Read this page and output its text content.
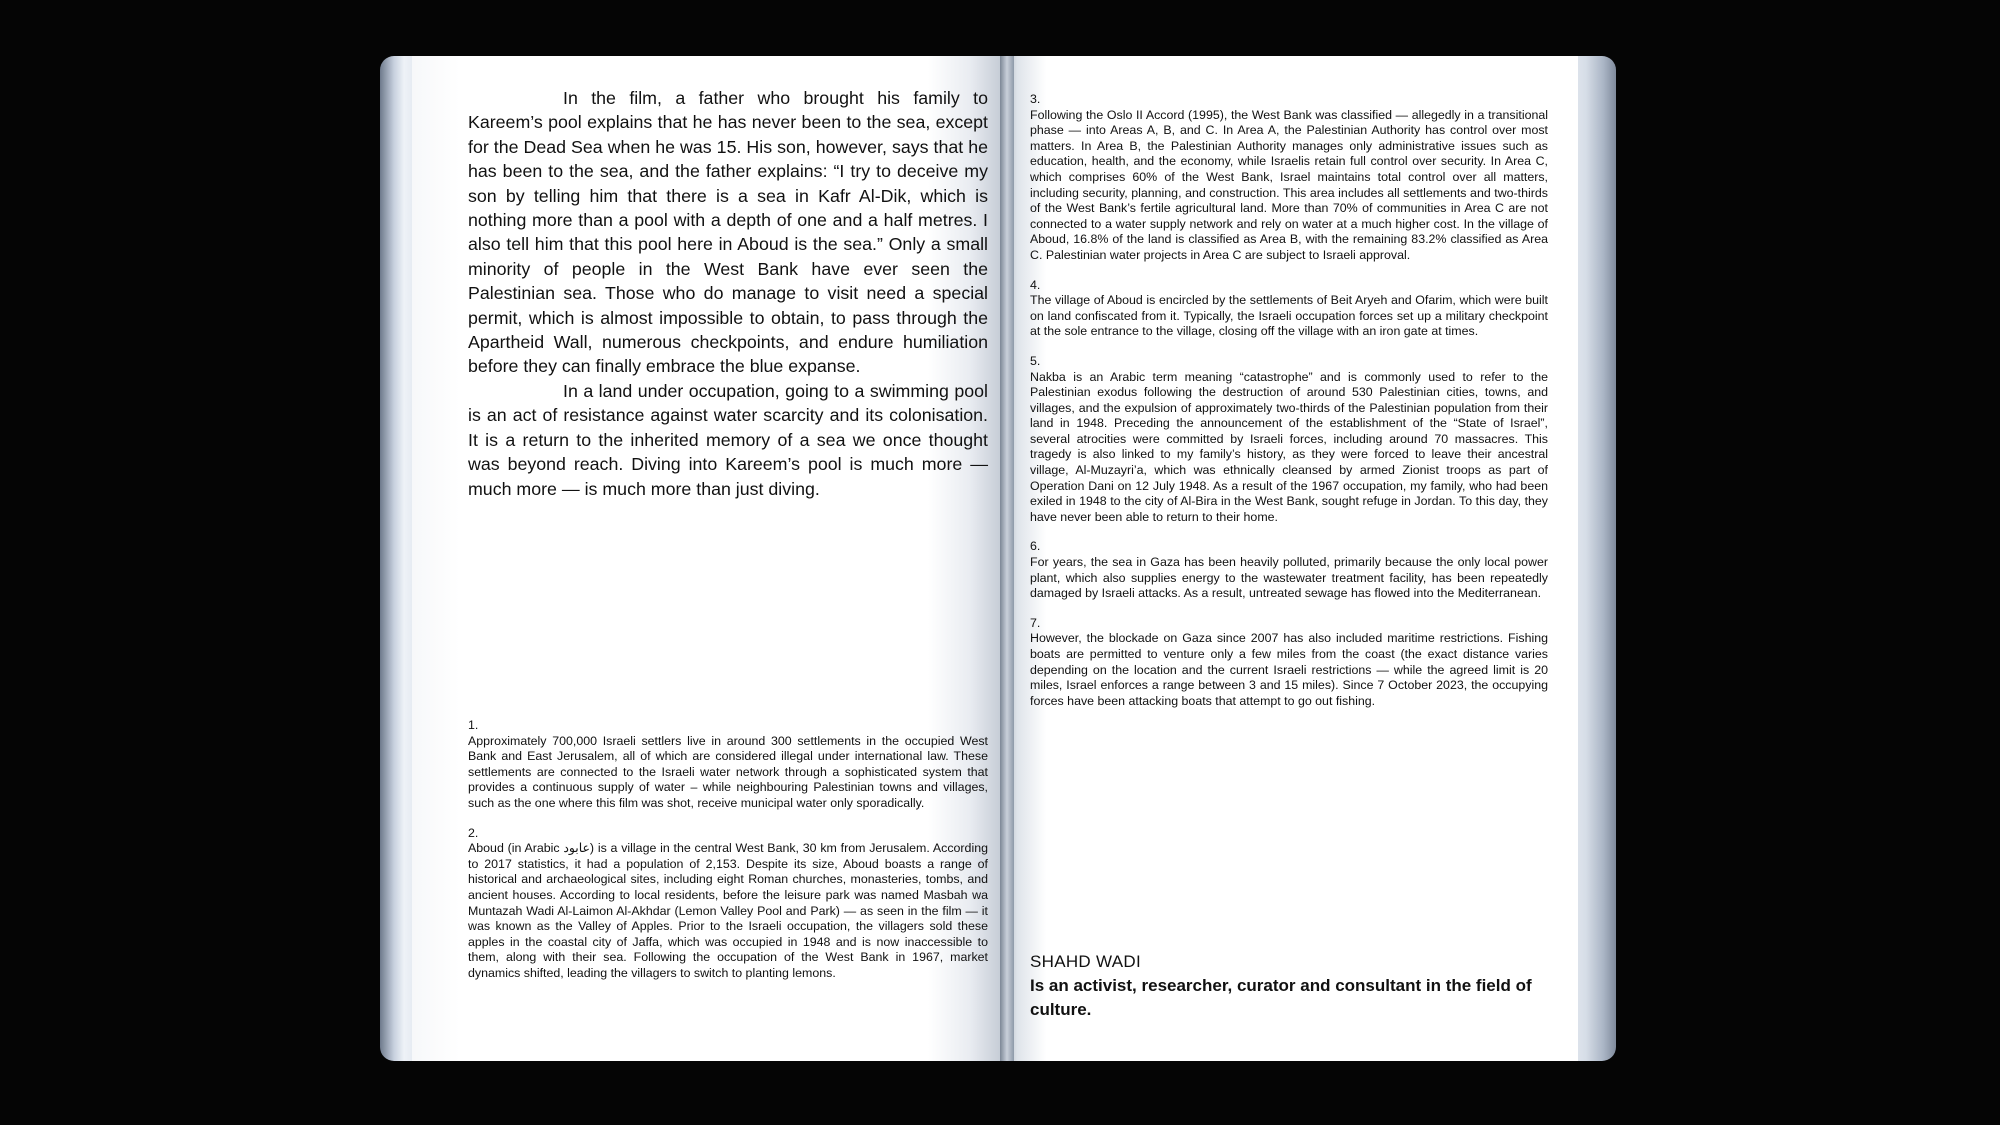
In the film, a father who brought his family to Kareem’s pool explains that he has never been to the sea, except for the Dead Sea when he was 15. His son, however, says that he has been to the sea, and the father explains: “I try to deceive my son by telling him that there is a sea in Kafr Al-Dik, which is nothing more than a pool with a depth of one and a half metres. I also tell him that this pool here in Aboud is the sea.” Only a small minority of people in the West Bank have ever seen the Palestinian sea. Those who do manage to visit need a special permit, which is almost impossible to obtain, to pass through the Apartheid Wall, numerous checkpoints, and endure humiliation before they can finally embrace the blue expanse.

In a land under occupation, going to a swimming pool is an act of resistance against water scarcity and its colonisation. It is a return to the inherited memory of a sea we once thought was beyond reach. Diving into Kareem’s pool is much more — much more — is much more than just diving.

1.
Approximately 700,000 Israeli settlers live in around 300 settlements in the occupied West Bank and East Jerusalem, all of which are considered illegal under international law. These settlements are connected to the Israeli water network through a sophisticated system that provides a continuous supply of water – while neighbouring Palestinian towns and villages, such as the one where this film was shot, receive municipal water only sporadically.
2.
Aboud (in Arabic عابود) is a village in the central West Bank, 30 km from Jerusalem. According to 2017 statistics, it had a population of 2,153. Despite its size, Aboud boasts a range of historical and archaeological sites, including eight Roman churches, monasteries, tombs, and ancient houses. According to local residents, before the leisure park was named Masbah wa Muntazah Wadi Al-Laimon Al-Akhdar (Lemon Valley Pool and Park) — as seen in the film — it was known as the Valley of Apples. Prior to the Israeli occupation, the villagers sold these apples in the coastal city of Jaffa, which was occupied in 1948 and is now inaccessible to them, along with their sea. Following the occupation of the West Bank in 1967, market dynamics shifted, leading the villagers to switch to planting lemons.
3.
Following the Oslo II Accord (1995), the West Bank was classified — allegedly in a transitional phase — into Areas A, B, and C. In Area A, the Palestinian Authority has control over most matters. In Area B, the Palestinian Authority manages only administrative issues such as education, health, and the economy, while Israelis retain full control over security. In Area C, which comprises 60% of the West Bank, Israel maintains total control over all matters, including security, planning, and construction. This area includes all settlements and two-thirds of the West Bank’s fertile agricultural land. More than 70% of communities in Area C are not connected to a water supply network and rely on water at a much higher cost. In the village of Aboud, 16.8% of the land is classified as Area B, with the remaining 83.2% classified as Area C. Palestinian water projects in Area C are subject to Israeli approval.
4.
The village of Aboud is encircled by the settlements of Beit Aryeh and Ofarim, which were built on land confiscated from it. Typically, the Israeli occupation forces set up a military checkpoint at the sole entrance to the village, closing off the village with an iron gate at times.
5.
Nakba is an Arabic term meaning “catastrophe” and is commonly used to refer to the Palestinian exodus following the destruction of around 530 Palestinian cities, towns, and villages, and the expulsion of approximately two-thirds of the Palestinian population from their land in 1948. Preceding the announcement of the establishment of the “State of Israel”, several atrocities were committed by Israeli forces, including around 70 massacres. This tragedy is also linked to my family’s history, as they were forced to leave their ancestral village, Al-Muzayri’a, which was ethnically cleansed by armed Zionist troops as part of Operation Dani on 12 July 1948. As a result of the 1967 occupation, my family, who had been exiled in 1948 to the city of Al-Bira in the West Bank, sought refuge in Jordan. To this day, they have never been able to return to their home.
6.
For years, the sea in Gaza has been heavily polluted, primarily because the only local power plant, which also supplies energy to the wastewater treatment facility, has been repeatedly damaged by Israeli attacks. As a result, untreated sewage has flowed into the Mediterranean.
7.
However, the blockade on Gaza since 2007 has also included maritime restrictions. Fishing boats are permitted to venture only a few miles from the coast (the exact distance varies depending on the location and the current Israeli restrictions — while the agreed limit is 20 miles, Israel enforces a range between 3 and 15 miles). Since 7 October 2023, the occupying forces have been attacking boats that attempt to go out fishing.
SHAHD WADI
Is an activist, researcher, curator and consultant in the field of culture.
